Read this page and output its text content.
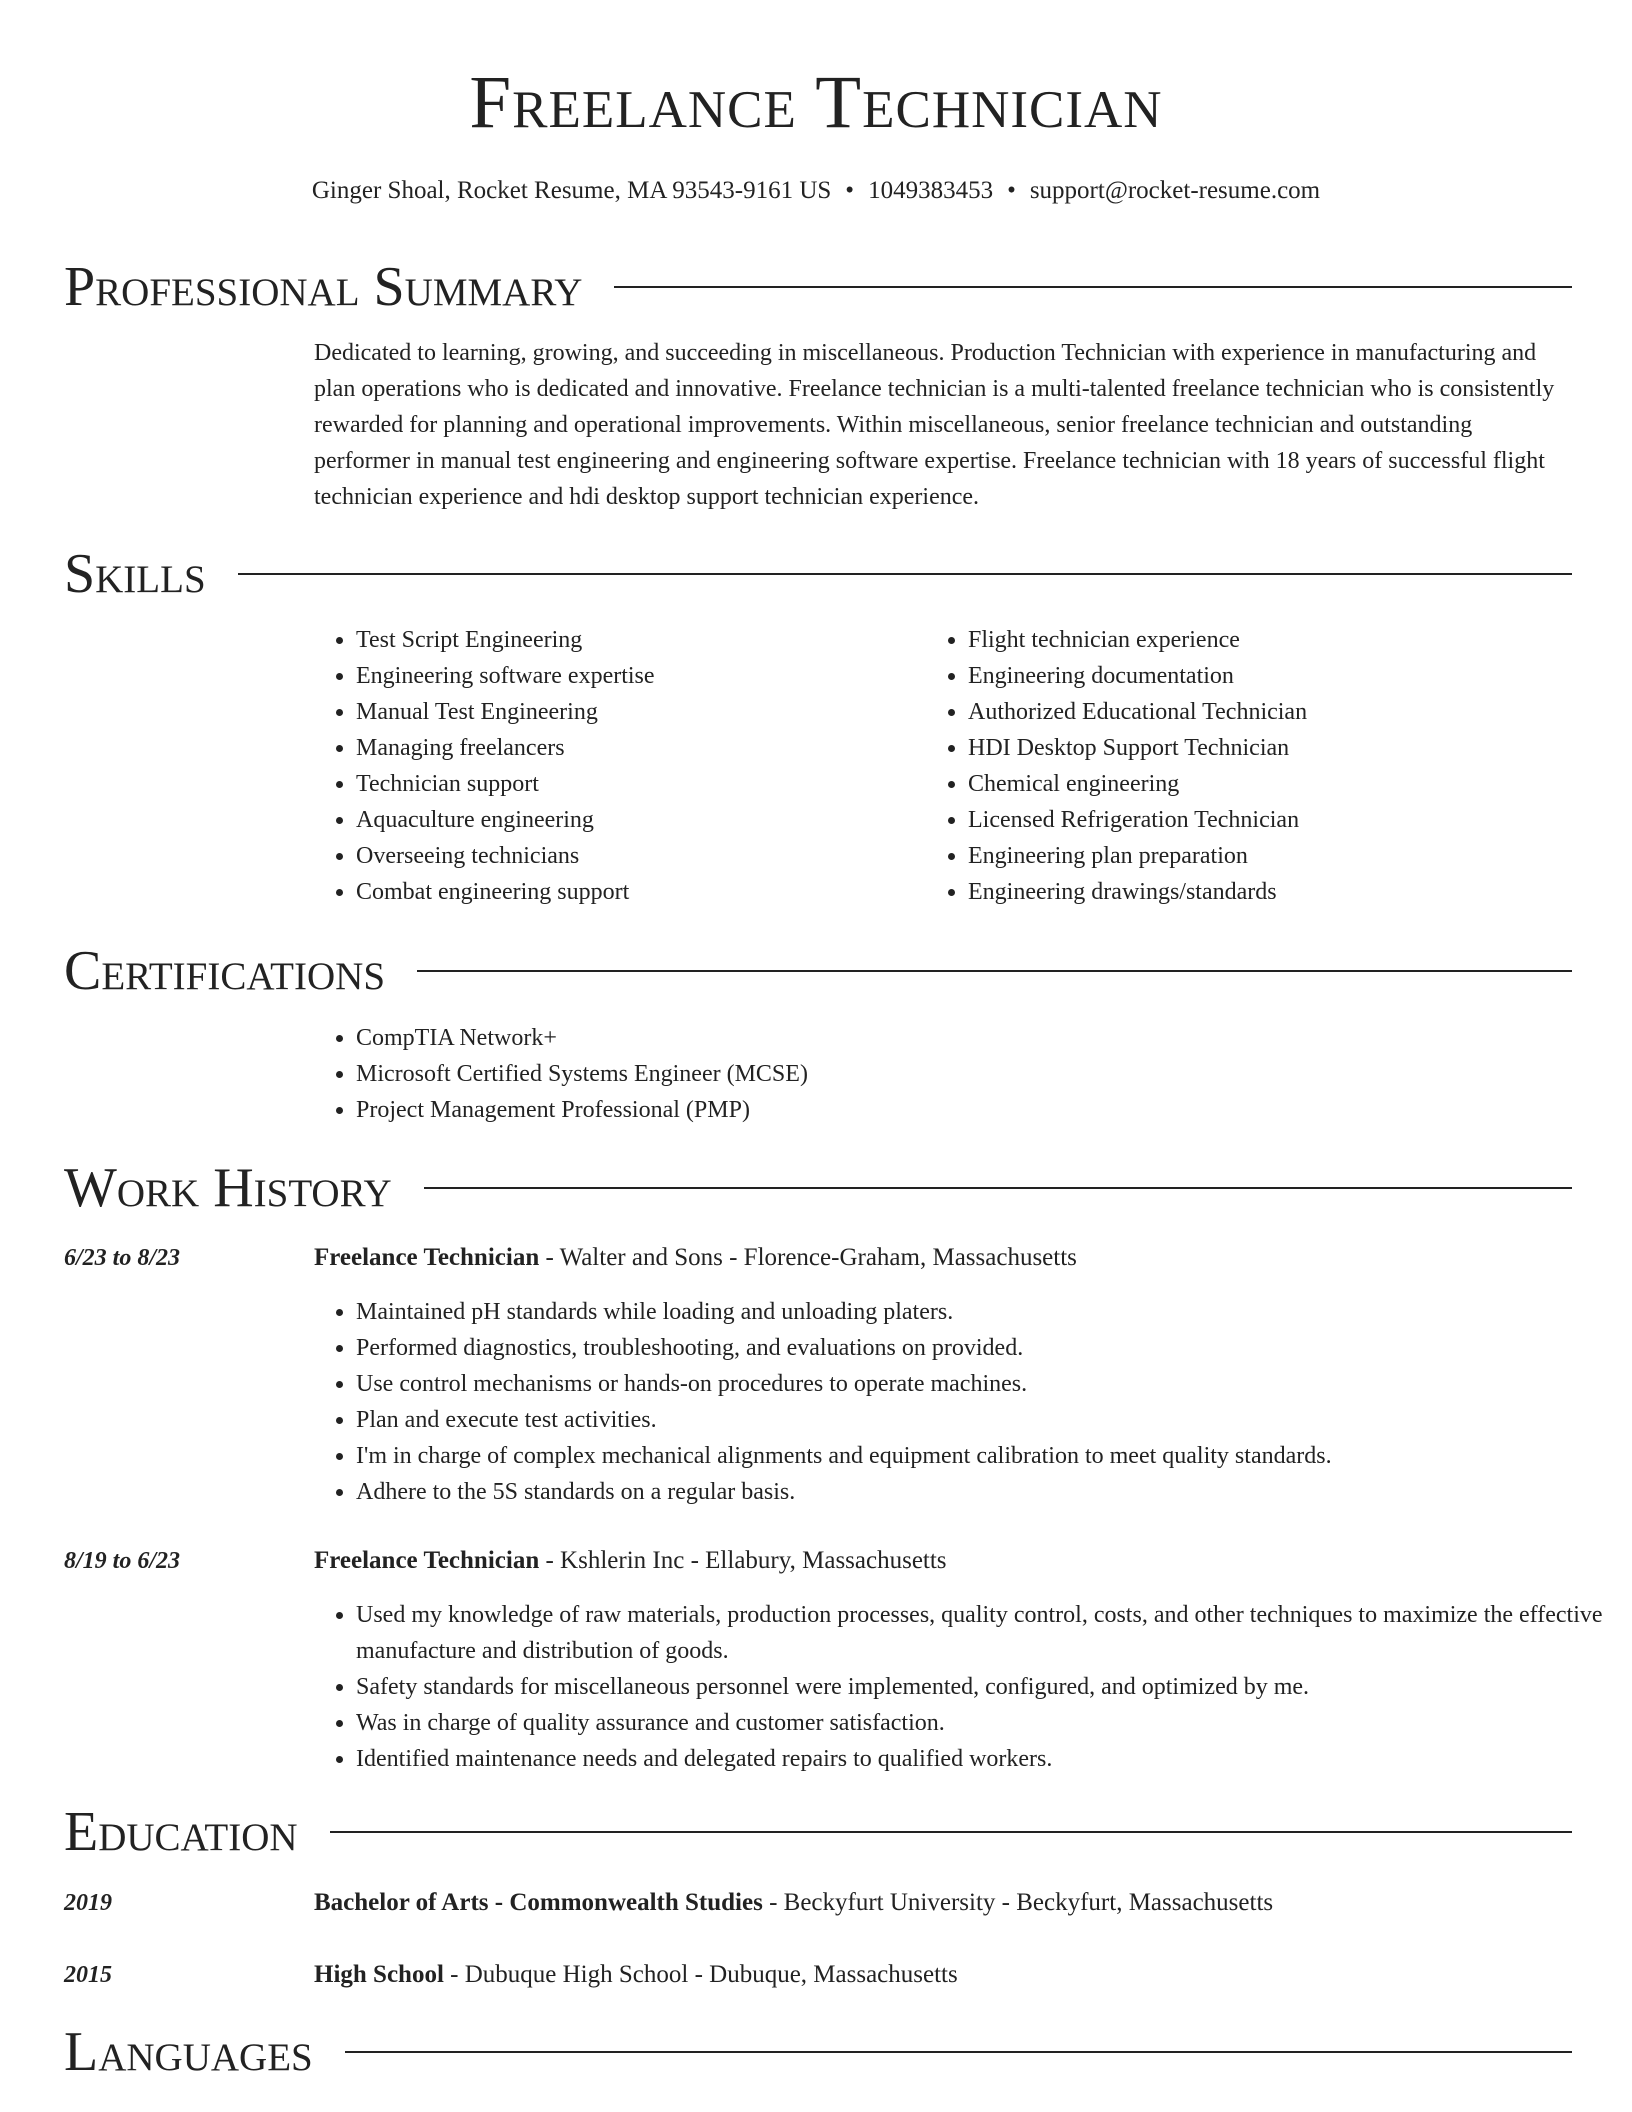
Freelance Technician
Ginger Shoal, Rocket Resume, MA 93543-9161 US • 1049383453 • support@rocket-resume.com
Professional Summary

Dedicated to learning, growing, and succeeding in miscellaneous. Production Technician with experience in manufacturing and plan operations who is dedicated and innovative. Freelance technician is a multi-talented freelance technician who is consistently rewarded for planning and operational improvements. Within miscellaneous, senior freelance technician and outstanding performer in manual test engineering and engineering software expertise. Freelance technician with 18 years of successful flight technician experience and hdi desktop support technician experience.

Skills
• Test Script Engineering
• Engineering software expertise
• Manual Test Engineering
• Managing freelancers
• Technician support
• Aquaculture engineering
• Overseeing technicians
• Combat engineering support
• Flight technician experience
• Engineering documentation
• Authorized Educational Technician
• HDI Desktop Support Technician
• Chemical engineering
• Licensed Refrigeration Technician
• Engineering plan preparation
• Engineering drawings/standards
Certifications
• CompTIA Network+
• Microsoft Certified Systems Engineer (MCSE)
• Project Management Professional (PMP)
Work History
6/23 to 8/23	Freelance Technician - Walter and Sons - Florence-Graham, Massachusetts
• Maintained pH standards while loading and unloading platers.
• Performed diagnostics, troubleshooting, and evaluations on provided.
• Use control mechanisms or hands-on procedures to operate machines.
• Plan and execute test activities.
• I'm in charge of complex mechanical alignments and equipment calibration to meet quality standards.
• Adhere to the 5S standards on a regular basis.
8/19 to 6/23	Freelance Technician - Kshlerin Inc - Ellabury, Massachusetts
• Used my knowledge of raw materials, production processes, quality control, costs, and other techniques to maximize the effective manufacture and distribution of goods.
• Safety standards for miscellaneous personnel were implemented, configured, and optimized by me.
• Was in charge of quality assurance and customer satisfaction.
• Identified maintenance needs and delegated repairs to qualified workers.
Education
2019	Bachelor of Arts - Commonwealth Studies - Beckyfurt University - Beckyfurt, Massachusetts
2015	High School - Dubuque High School - Dubuque, Massachusetts
Languages
